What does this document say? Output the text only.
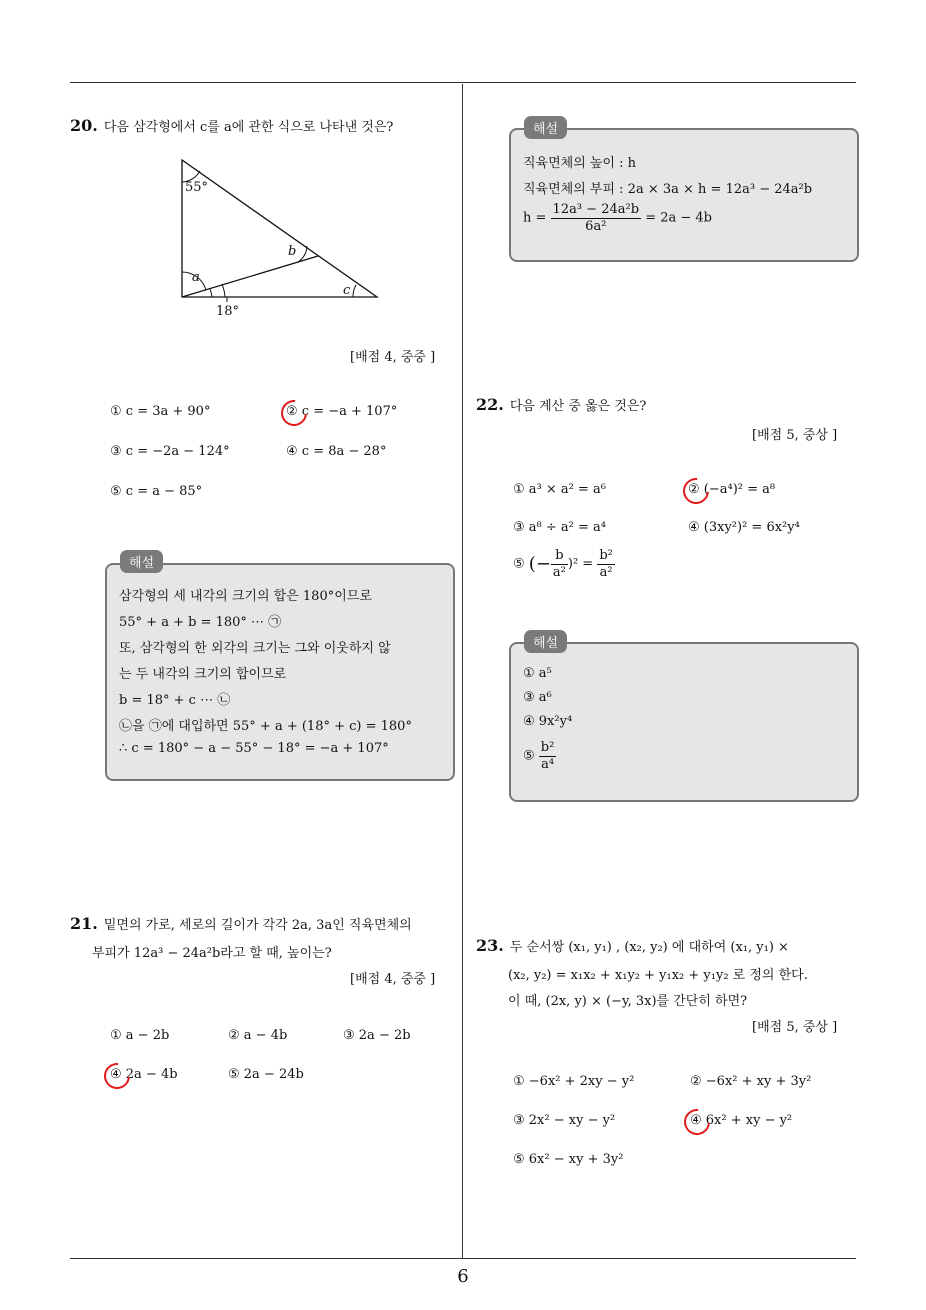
20. 다음 삼각형에서 c를 a에 관한 식으로 나타낸 것은?
55°
b
a
c
18°
[배점 4, 중중 ]
① c = 3a + 90°	② c = −a + 107°
③ c = −2a − 124°	④ c = 8a − 28°
⑤ c = a − 85°
삼각형의 세 내각의 크기의 합은 180°이므로
55° + a + b = 180° ⋯ ㉠
또, 삼각형의 한 외각의 크기는 그와 이웃하지 않
는 두 내각의 크기의 합이므로
b = 18° + c ⋯ ㉡
㉡을 ㉠에 대입하면 55° + a + (18° + c) = 180°
∴ c = 180° − a − 55° − 18° = −a + 107°
해설
21. 밑면의 가로, 세로의 길이가 각각 2a, 3a인 직육면체의
부피가 12a³ − 24a²b라고 할 때, 높이는?
[배점 4, 중중 ]
① a − 2b	② a − 4b	③ 2a − 2b
④ 2a − 4b	⑤ 2a − 24b
직육면체의 높이 : h
직육면체의 부피 : 2a × 3a × h = 12a³ − 24a²b
$h = \frac{\text{12a³ − 24a²b}}{\text{6a²}} = 2a - 4b$
해설
22. 다음 계산 중 옳은 것은?
[배점 5, 중상 ]
① a³ × a² = a⁶	② (−a⁴)² = a⁸
③ a⁸ ÷ a² = a⁴	④ (3xy²)² = 6x²y⁴
⑤ (− $\frac{b}{\text{a²}} )^2 = \frac{\text{b²}}{\text{a²}}$
① a⁵
③ a⁶
④ 9x²y⁴
⑤ $\frac{\text{b²}}{\text{a⁴}}$
해설
23. 두 순서쌍 (x₁, y₁) , (x₂, y₂) 에 대하여 (x₁, y₁) ×
(x₂, y₂) = x₁x₂ + x₁y₂ + y₁x₂ + y₁y₂ 로 정의 한다.
이 때, (2x, y) × (−y, 3x)를 간단히 하면?
[배점 5, 중상 ]
① −6x² + 2xy − y²	② −6x² + xy + 3y²
③ 2x² − xy − y²	④ 6x² + xy − y²
⑤ 6x² − xy + 3y²
6
